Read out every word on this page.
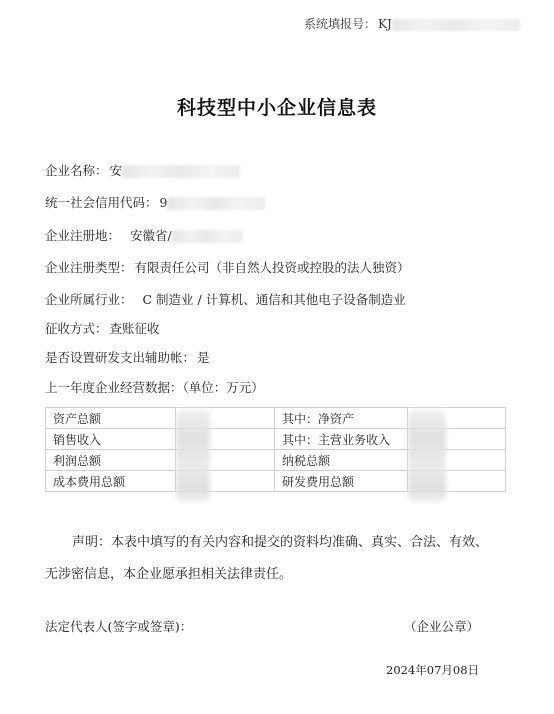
系统填报号： KJ
科技型中小企业信息表
企业名称： 安
统一社会信用代码： 9
企业注册地： 安徽省/
企业注册类型： 有限责任公司（非自然人投资或控股的法人独资）
企业所属行业： C 制造业 / 计算机、通信和其他电子设备制造业
征收方式： 查账征收
是否设置研发支出辅助帐： 是
上一年度企业经营数据：（单位：万元）
资产总额		其中：净资产	
销售收入		其中：主营业务收入	
利润总额		纳税总额	
成本费用总额		研发费用总额	
声明：本表中填写的有关内容和提交的资料均准确、真实、合法、有效、
无涉密信息，本企业愿承担相关法律责任。
法定代表人(签字或签章)：	（企业公章）
2024年07月08日
